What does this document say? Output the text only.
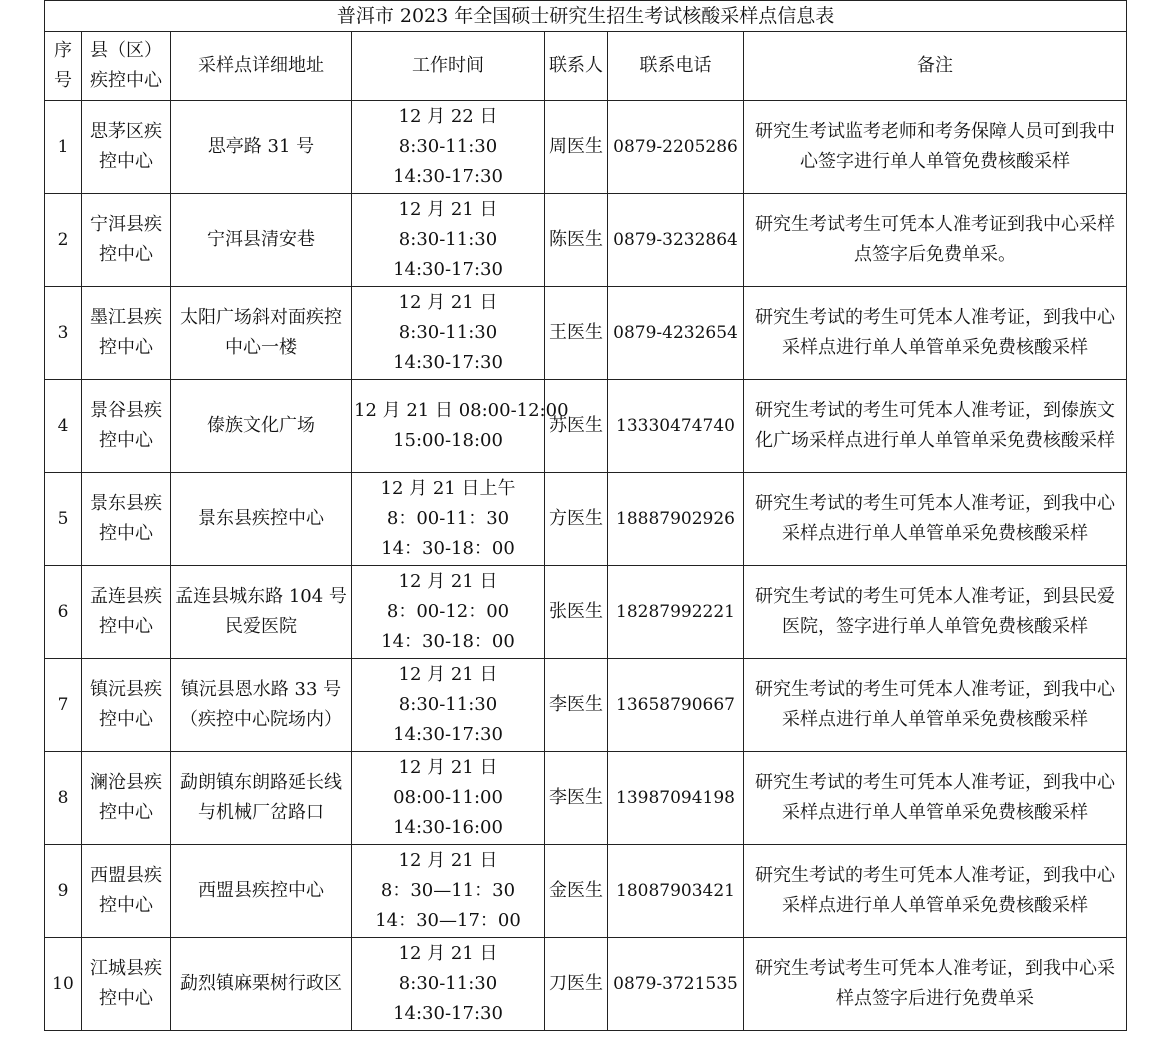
普洱市 2023 年全国硕士研究生招生考试核酸采样点信息表						
序号	县（区）疾控中心	采样点详细地址	工作时间	联系人	联系电话	备注
1	思茅区疾控中心	思亭路 31 号	12 月 22 日
8:30-11:30
14:30-17:30	周医生	0879-2205286	研究生考试监考老师和考务保障人员可到我中心签字进行单人单管免费核酸采样
2	宁洱县疾控中心	宁洱县清安巷	12 月 21 日
8:30-11:30
14:30-17:30	陈医生	0879-3232864	研究生考试考生可凭本人准考证到我中心采样点签字后免费单采。
3	墨江县疾控中心	太阳广场斜对面疾控中心一楼	12 月 21 日
8:30-11:30
14:30-17:30	王医生	0879-4232654	研究生考试的考生可凭本人准考证，到我中心采样点进行单人单管单采免费核酸采样
4	景谷县疾控中心	傣族文化广场	12 月 21 日 08:00-12:00
15:00-18:00	苏医生	13330474740	研究生考试的考生可凭本人准考证，到傣族文化广场采样点进行单人单管单采免费核酸采样
5	景东县疾控中心	景东县疾控中心	12 月 21 日上午
8：00-11：30
14：30-18：00	方医生	18887902926	研究生考试的考生可凭本人准考证，到我中心采样点进行单人单管单采免费核酸采样
6	孟连县疾控中心	孟连县城东路 104 号民爱医院	12 月 21 日
8：00-12：00
14：30-18：00	张医生	18287992221	研究生考试的考生可凭本人准考证，到县民爱医院，签字进行单人单管免费核酸采样
7	镇沅县疾控中心	镇沅县恩水路 33 号（疾控中心院场内）	12 月 21 日
8:30-11:30
14:30-17:30	李医生	13658790667	研究生考试的考生可凭本人准考证，到我中心采样点进行单人单管单采免费核酸采样
8	澜沧县疾控中心	勐朗镇东朗路延长线与机械厂岔路口	12 月 21 日
08:00-11:00
14:30-16:00	李医生	13987094198	研究生考试的考生可凭本人准考证，到我中心采样点进行单人单管单采免费核酸采样
9	西盟县疾控中心	西盟县疾控中心	12 月 21 日
8：30—11：30
14：30—17：00	金医生	18087903421	研究生考试的考生可凭本人准考证，到我中心采样点进行单人单管单采免费核酸采样
10	江城县疾控中心	勐烈镇麻栗树行政区	12 月 21 日
8:30-11:30
14:30-17:30	刀医生	0879-3721535	研究生考试考生可凭本人准考证，到我中心采样点签字后进行免费单采
